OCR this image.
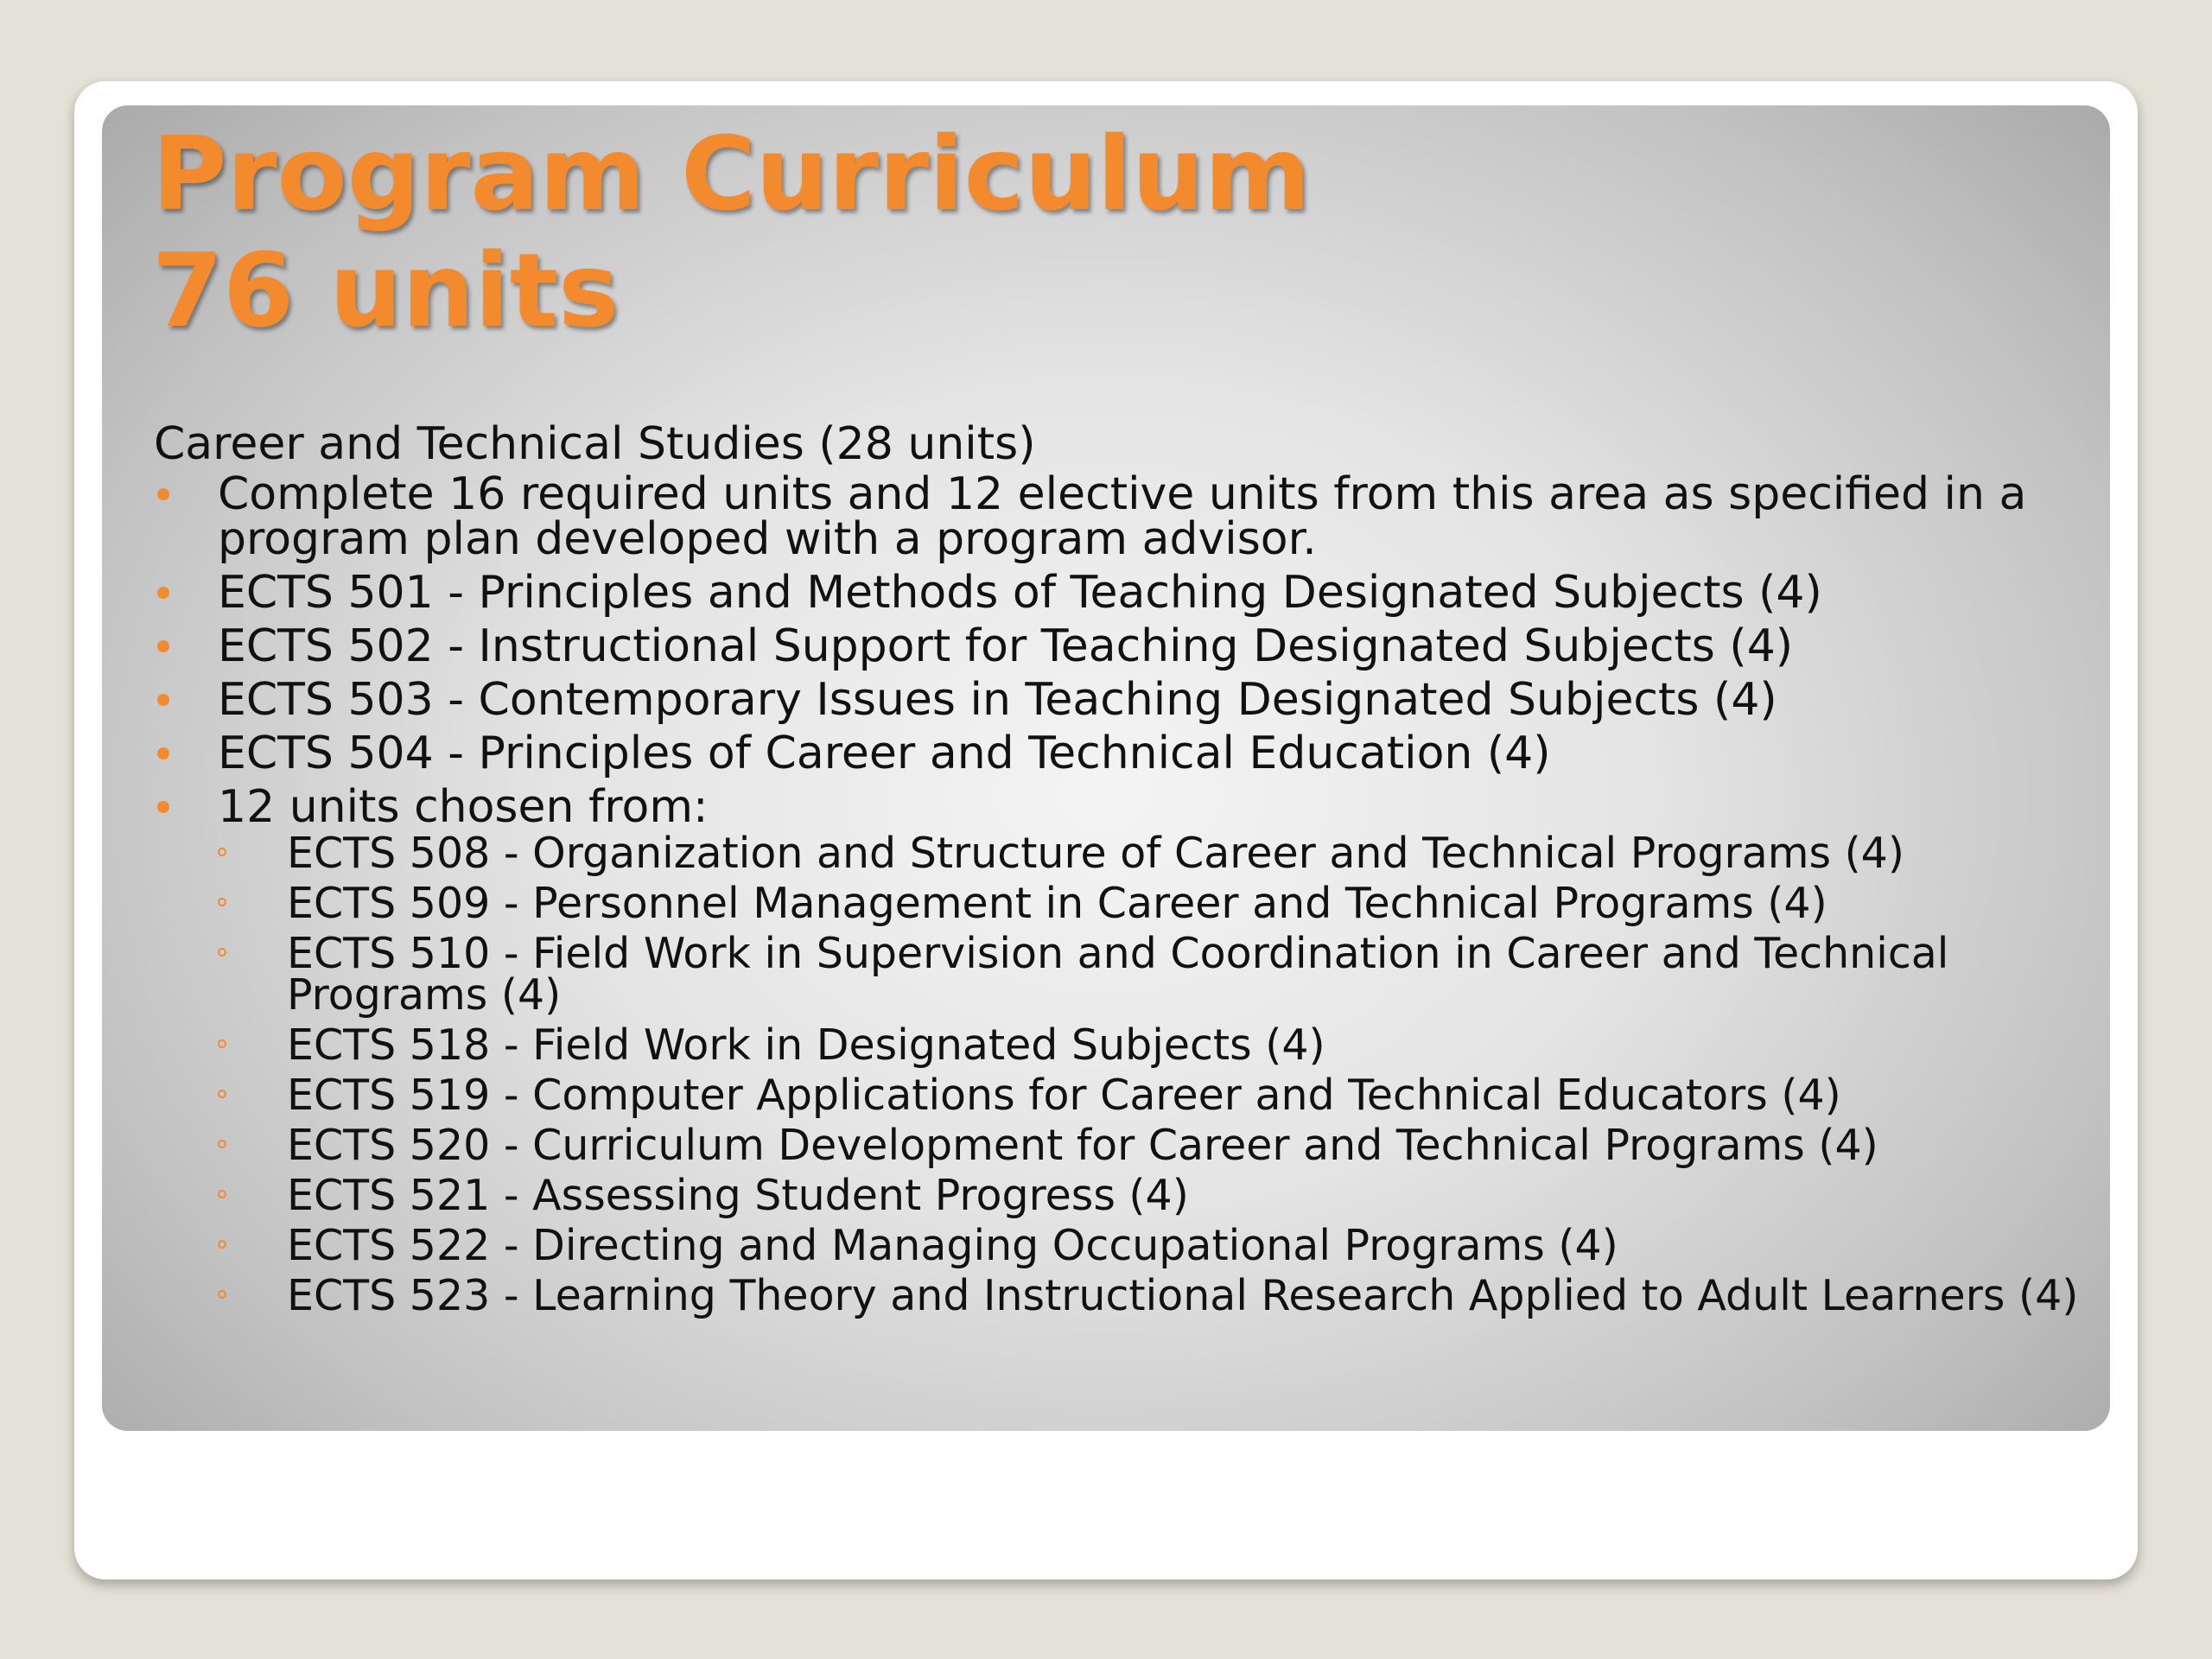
Program Curriculum
76 units
Career and Technical Studies (28 units)
Complete 16 required units and 12 elective units from this area as specified in a program plan developed with a program advisor.
ECTS 501 - Principles and Methods of Teaching Designated Subjects (4)
ECTS 502 - Instructional Support for Teaching Designated Subjects (4)
ECTS 503 - Contemporary Issues in Teaching Designated Subjects (4)
ECTS 504 - Principles of Career and Technical Education (4)
12 units chosen from:
ECTS 508 - Organization and Structure of Career and Technical Programs (4)
ECTS 509 - Personnel Management in Career and Technical Programs (4)
ECTS 510 - Field Work in Supervision and Coordination in Career and Technical Programs (4)
ECTS 518 - Field Work in Designated Subjects (4)
ECTS 519 - Computer Applications for Career and Technical Educators (4)
ECTS 520 - Curriculum Development for Career and Technical Programs (4)
ECTS 521 - Assessing Student Progress (4)
ECTS 522 - Directing and Managing Occupational Programs (4)
ECTS 523 - Learning Theory and Instructional Research Applied to Adult Learners (4)
